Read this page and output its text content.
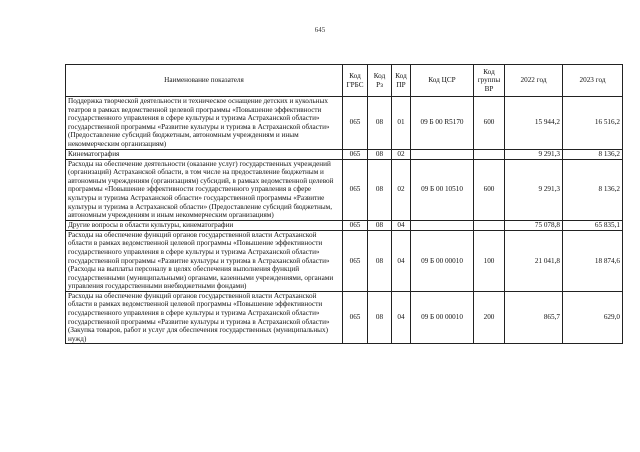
645
Наименование показателя	Код ГРБС	Код Рз	Код ПР	Код ЦСР	Код группы ВР	2022 год	2023 год
Поддержка творческой деятельности и техническое оснащение детских и кукольных театров в рамках ведомственной целевой программы «Повышение эффективности государственного управления в сфере культуры и туризма Астраханской области» государственной программы «Развитие культуры и туризма в Астраханской области» (Предоставление субсидий бюджетным, автономным учреждениям и иным некоммерческим организациям)	065	08	01	09 Б 00 R5170	600	15 944,2	16 516,2
Кинематография	065	08	02			9 291,3	8 136,2
Расходы на обеспечение деятельности (оказание услуг) государственных учреждений (организаций) Астраханской области, в том числе на предоставление бюджетным и автономным учреждениям (организациям) субсидий, в рамках ведомственной целевой программы «Повышение эффективности государственного управления в сфере культуры и туризма Астраханской области» государственной программы «Развитие культуры и туризма в Астраханской области» (Предоставление субсидий бюджетным, автономным учреждениям и иным некоммерческим организациям)	065	08	02	09 Б 00 10510	600	9 291,3	8 136,2
Другие вопросы в области культуры, кинематографии	065	08	04			75 078,8	65 835,1
Расходы на обеспечение функций органов государственной власти Астраханской области в рамках ведомственной целевой программы «Повышение эффективности государственного управления в сфере культуры и туризма Астраханской области» государственной программы «Развитие культуры и туризма в Астраханской области» (Расходы на выплаты персоналу в целях обеспечения выполнения функций государственными (муниципальными) органами, казенными учреждениями, органами управления государственными внебюджетными фондами)	065	08	04	09 Б 00 00010	100	21 041,8	18 874,6
Расходы на обеспечение функций органов государственной власти Астраханской области в рамках ведомственной целевой программы «Повышение эффективности государственного управления в сфере культуры и туризма Астраханской области» государственной программы «Развитие культуры и туризма в Астраханской области» (Закупка товаров, работ и услуг для обеспечения государственных (муниципальных) нужд)	065	08	04	09 Б 00 00010	200	865,7	629,0
